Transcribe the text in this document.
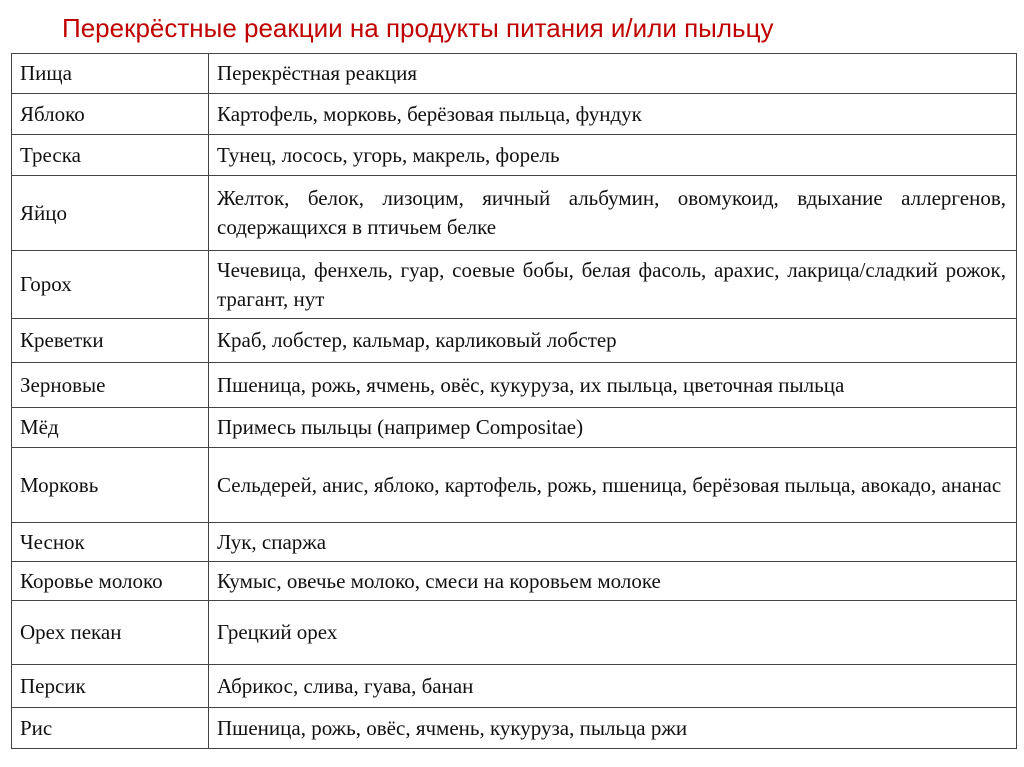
Перекрёстные реакции на продукты питания и/или пыльцу
Пища	Перекрёстная реакция
Яблоко	Картофель, морковь, берёзовая пыльца, фундук
Треска	Тунец, лосось, угорь, макрель, форель
Яйцо	Желток, белок, лизоцим, яичный альбумин, овомукоид, вдыхание аллергенов, содержащихся в птичьем белке
Горох	Чечевица, фенхель, гуар, соевые бобы, белая фасоль, арахис, лакрица/сладкий рожок, трагант, нут
Креветки	Краб, лобстер, кальмар, карликовый лобстер
Зерновые	Пшеница, рожь, ячмень, овёс, кукуруза, их пыльца, цветочная пыльца
Мёд	Примесь пыльцы (например Compositae)
Морковь	Сельдерей, анис, яблоко, картофель, рожь, пшеница, берёзовая пыльца, авокадо, ананас
Чеснок	Лук, спаржа
Коровье молоко	Кумыс, овечье молоко, смеси на коровьем молоке
Орех пекан	Грецкий орех
Персик	Абрикос, слива, гуава, банан
Рис	Пшеница, рожь, овёс, ячмень, кукуруза, пыльца ржи
